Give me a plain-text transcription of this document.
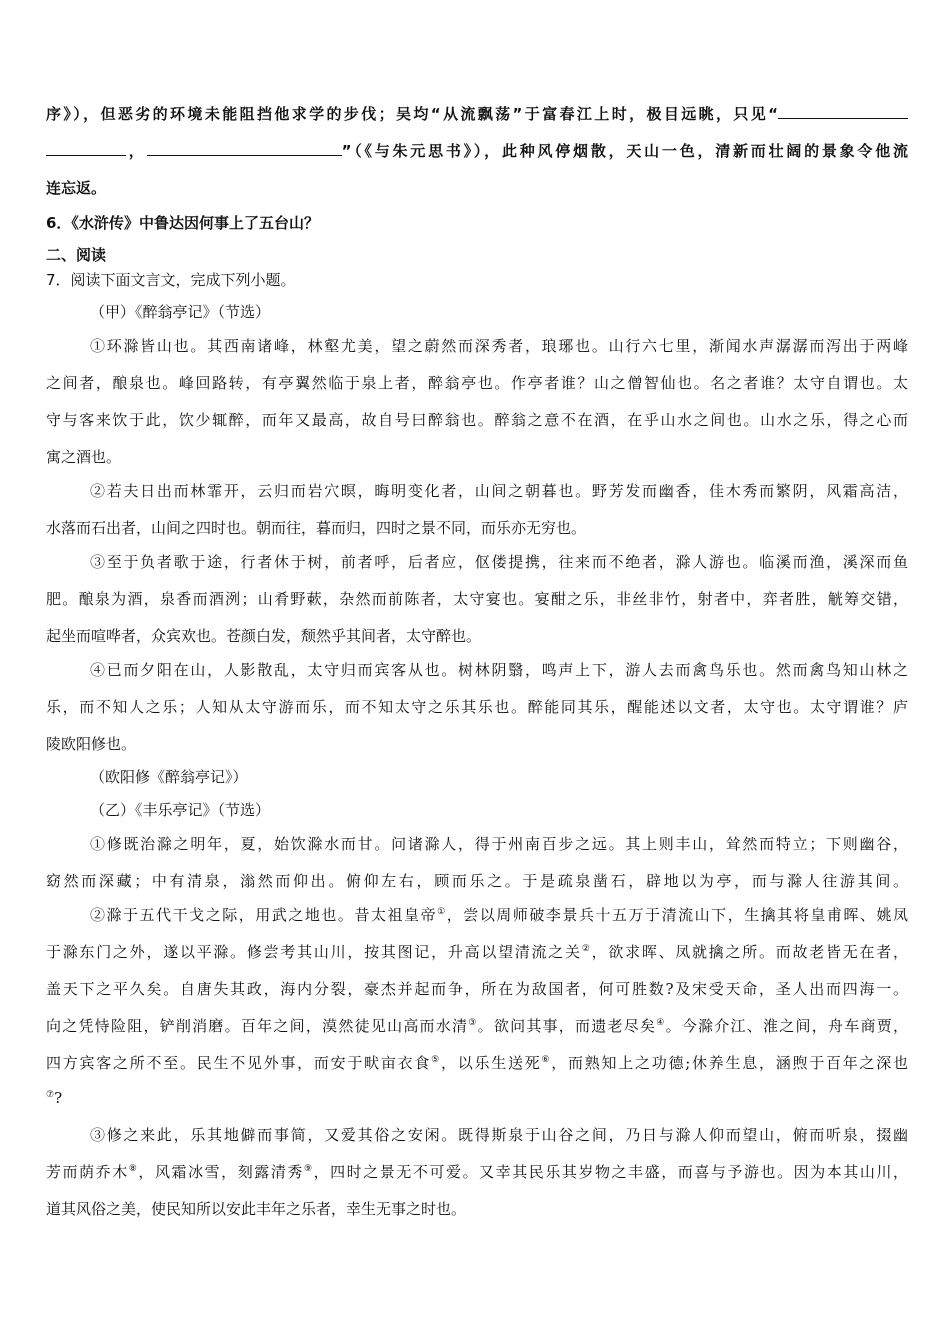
序》），但恶劣的环境未能阻挡他求学的步伐；吴均“从流飘荡”于富春江上时，极目远眺，只见“
，	”（《与朱元思书》），此种风停烟散，天山一色，清新而壮阔的景象令他流
连忘返。
6．《水浒传》中鲁达因何事上了五台山？
二、阅读
7．阅读下面文言文，完成下列小题。
（甲）《醉翁亭记》（节选）
①环滁皆山也。其西南诸峰，林壑尤美，望之蔚然而深秀者，琅琊也。山行六七里，渐闻水声潺潺而泻出于两峰
之间者，酿泉也。峰回路转，有亭翼然临于泉上者，醉翁亭也。作亭者谁？山之僧智仙也。名之者谁？太守自谓也。太
守与客来饮于此，饮少辄醉，而年又最高，故自号曰醉翁也。醉翁之意不在酒，在乎山水之间也。山水之乐，得之心而
寓之酒也。
②若夫日出而林霏开，云归而岩穴暝，晦明变化者，山间之朝暮也。野芳发而幽香，佳木秀而繁阴，风霜高洁，
水落而石出者，山间之四时也。朝而往，暮而归，四时之景不同，而乐亦无穷也。
③至于负者歌于途，行者休于树，前者呼，后者应，伛偻提携，往来而不绝者，滁人游也。临溪而渔，溪深而鱼
肥。酿泉为酒，泉香而酒洌；山肴野蔌，杂然而前陈者，太守宴也。宴酣之乐，非丝非竹，射者中，弈者胜，觥筹交错，
起坐而喧哗者，众宾欢也。苍颜白发，颓然乎其间者，太守醉也。
④已而夕阳在山，人影散乱，太守归而宾客从也。树林阴翳，鸣声上下，游人去而禽鸟乐也。然而禽鸟知山林之
乐，而不知人之乐；人知从太守游而乐，而不知太守之乐其乐也。醉能同其乐，醒能述以文者，太守也。太守谓谁？庐
陵欧阳修也。
（欧阳修《醉翁亭记》）
（乙）《丰乐亭记》（节选）
①修既治滁之明年，夏，始饮滁水而甘。问诸滁人，得于州南百步之远。其上则丰山，耸然而特立；下则幽谷，
窈然而深藏；中有清泉，滃然而仰出。俯仰左右，顾而乐之。于是疏泉凿石，辟地以为亭，而与滁人往游其间。
②滁于五代干戈之际，用武之地也。昔太祖皇帝①，尝以周师破李景兵十五万于清流山下，生擒其将皇甫晖、姚凤
于滁东门之外，遂以平滁。修尝考其山川，按其图记，升高以望清流之关②，欲求晖、凤就擒之所。而故老皆无在者，
盖天下之平久矣。自唐失其政，海内分裂，豪杰并起而争，所在为敌国者，何可胜数?及宋受天命，圣人出而四海一。
向之凭恃险阻，铲削消磨。百年之间，漠然徒见山高而水清③。欲问其事，而遗老尽矣④。今滁介江、淮之间，舟车商贾，
四方宾客之所不至。民生不见外事，而安于畎亩衣食⑤，以乐生送死⑥，而熟知上之功德;休养生息，涵煦于百年之深也
⑦?
③修之来此，乐其地僻而事简，又爱其俗之安闲。既得斯泉于山谷之间，乃日与滁人仰而望山，俯而听泉，掇幽
芳而荫乔木⑧，风霜冰雪，刻露清秀⑨，四时之景无不可爱。又幸其民乐其岁物之丰盛，而喜与予游也。因为本其山川，
道其风俗之美，使民知所以安此丰年之乐者，幸生无事之时也。
